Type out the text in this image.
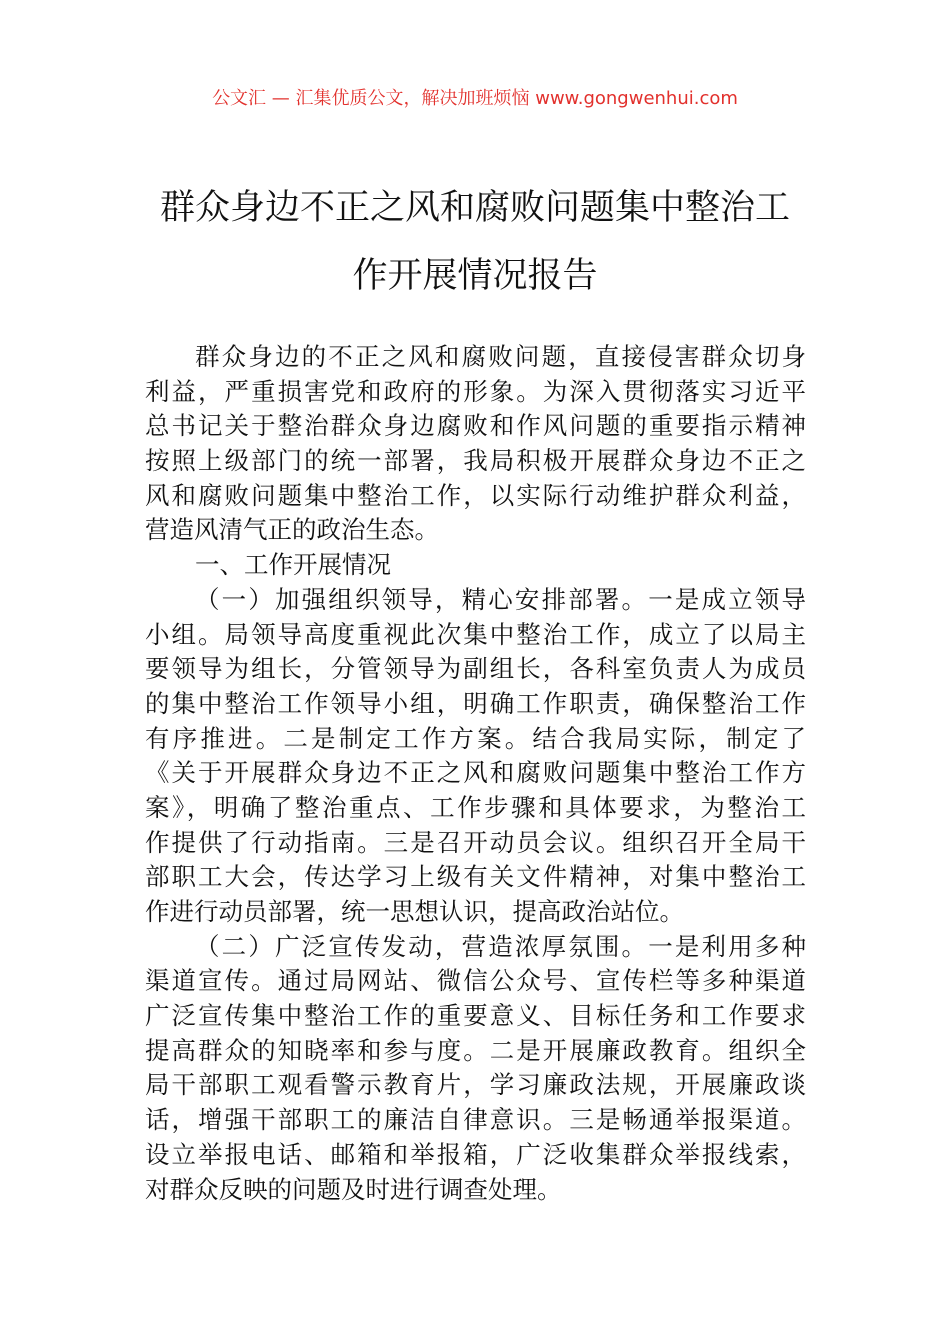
公文汇 — 汇集优质公文，解决加班烦恼 www.gongwenhui.com
群众身边不正之风和腐败问题集中整治工
作开展情况报告
群众身边的不正之风和腐败问题，直接侵害群众切身
利益，严重损害党和政府的形象。为深入贯彻落实习近平
总书记关于整治群众身边腐败和作风问题的重要指示精神
按照上级部门的统一部署，我局积极开展群众身边不正之
风和腐败问题集中整治工作，以实际行动维护群众利益，
营造风清气正的政治生态。
一、工作开展情况
（一）加强组织领导，精心安排部署。一是成立领导
小组。局领导高度重视此次集中整治工作，成立了以局主
要领导为组长，分管领导为副组长，各科室负责人为成员
的集中整治工作领导小组，明确工作职责，确保整治工作
有序推进。二是制定工作方案。结合我局实际，制定了
《关于开展群众身边不正之风和腐败问题集中整治工作方
案》，明确了整治重点、工作步骤和具体要求，为整治工
作提供了行动指南。三是召开动员会议。组织召开全局干
部职工大会，传达学习上级有关文件精神，对集中整治工
作进行动员部署，统一思想认识，提高政治站位。
（二）广泛宣传发动，营造浓厚氛围。一是利用多种
渠道宣传。通过局网站、微信公众号、宣传栏等多种渠道
广泛宣传集中整治工作的重要意义、目标任务和工作要求
提高群众的知晓率和参与度。二是开展廉政教育。组织全
局干部职工观看警示教育片，学习廉政法规，开展廉政谈
话，增强干部职工的廉洁自律意识。三是畅通举报渠道。
设立举报电话、邮箱和举报箱，广泛收集群众举报线索，
对群众反映的问题及时进行调查处理。
